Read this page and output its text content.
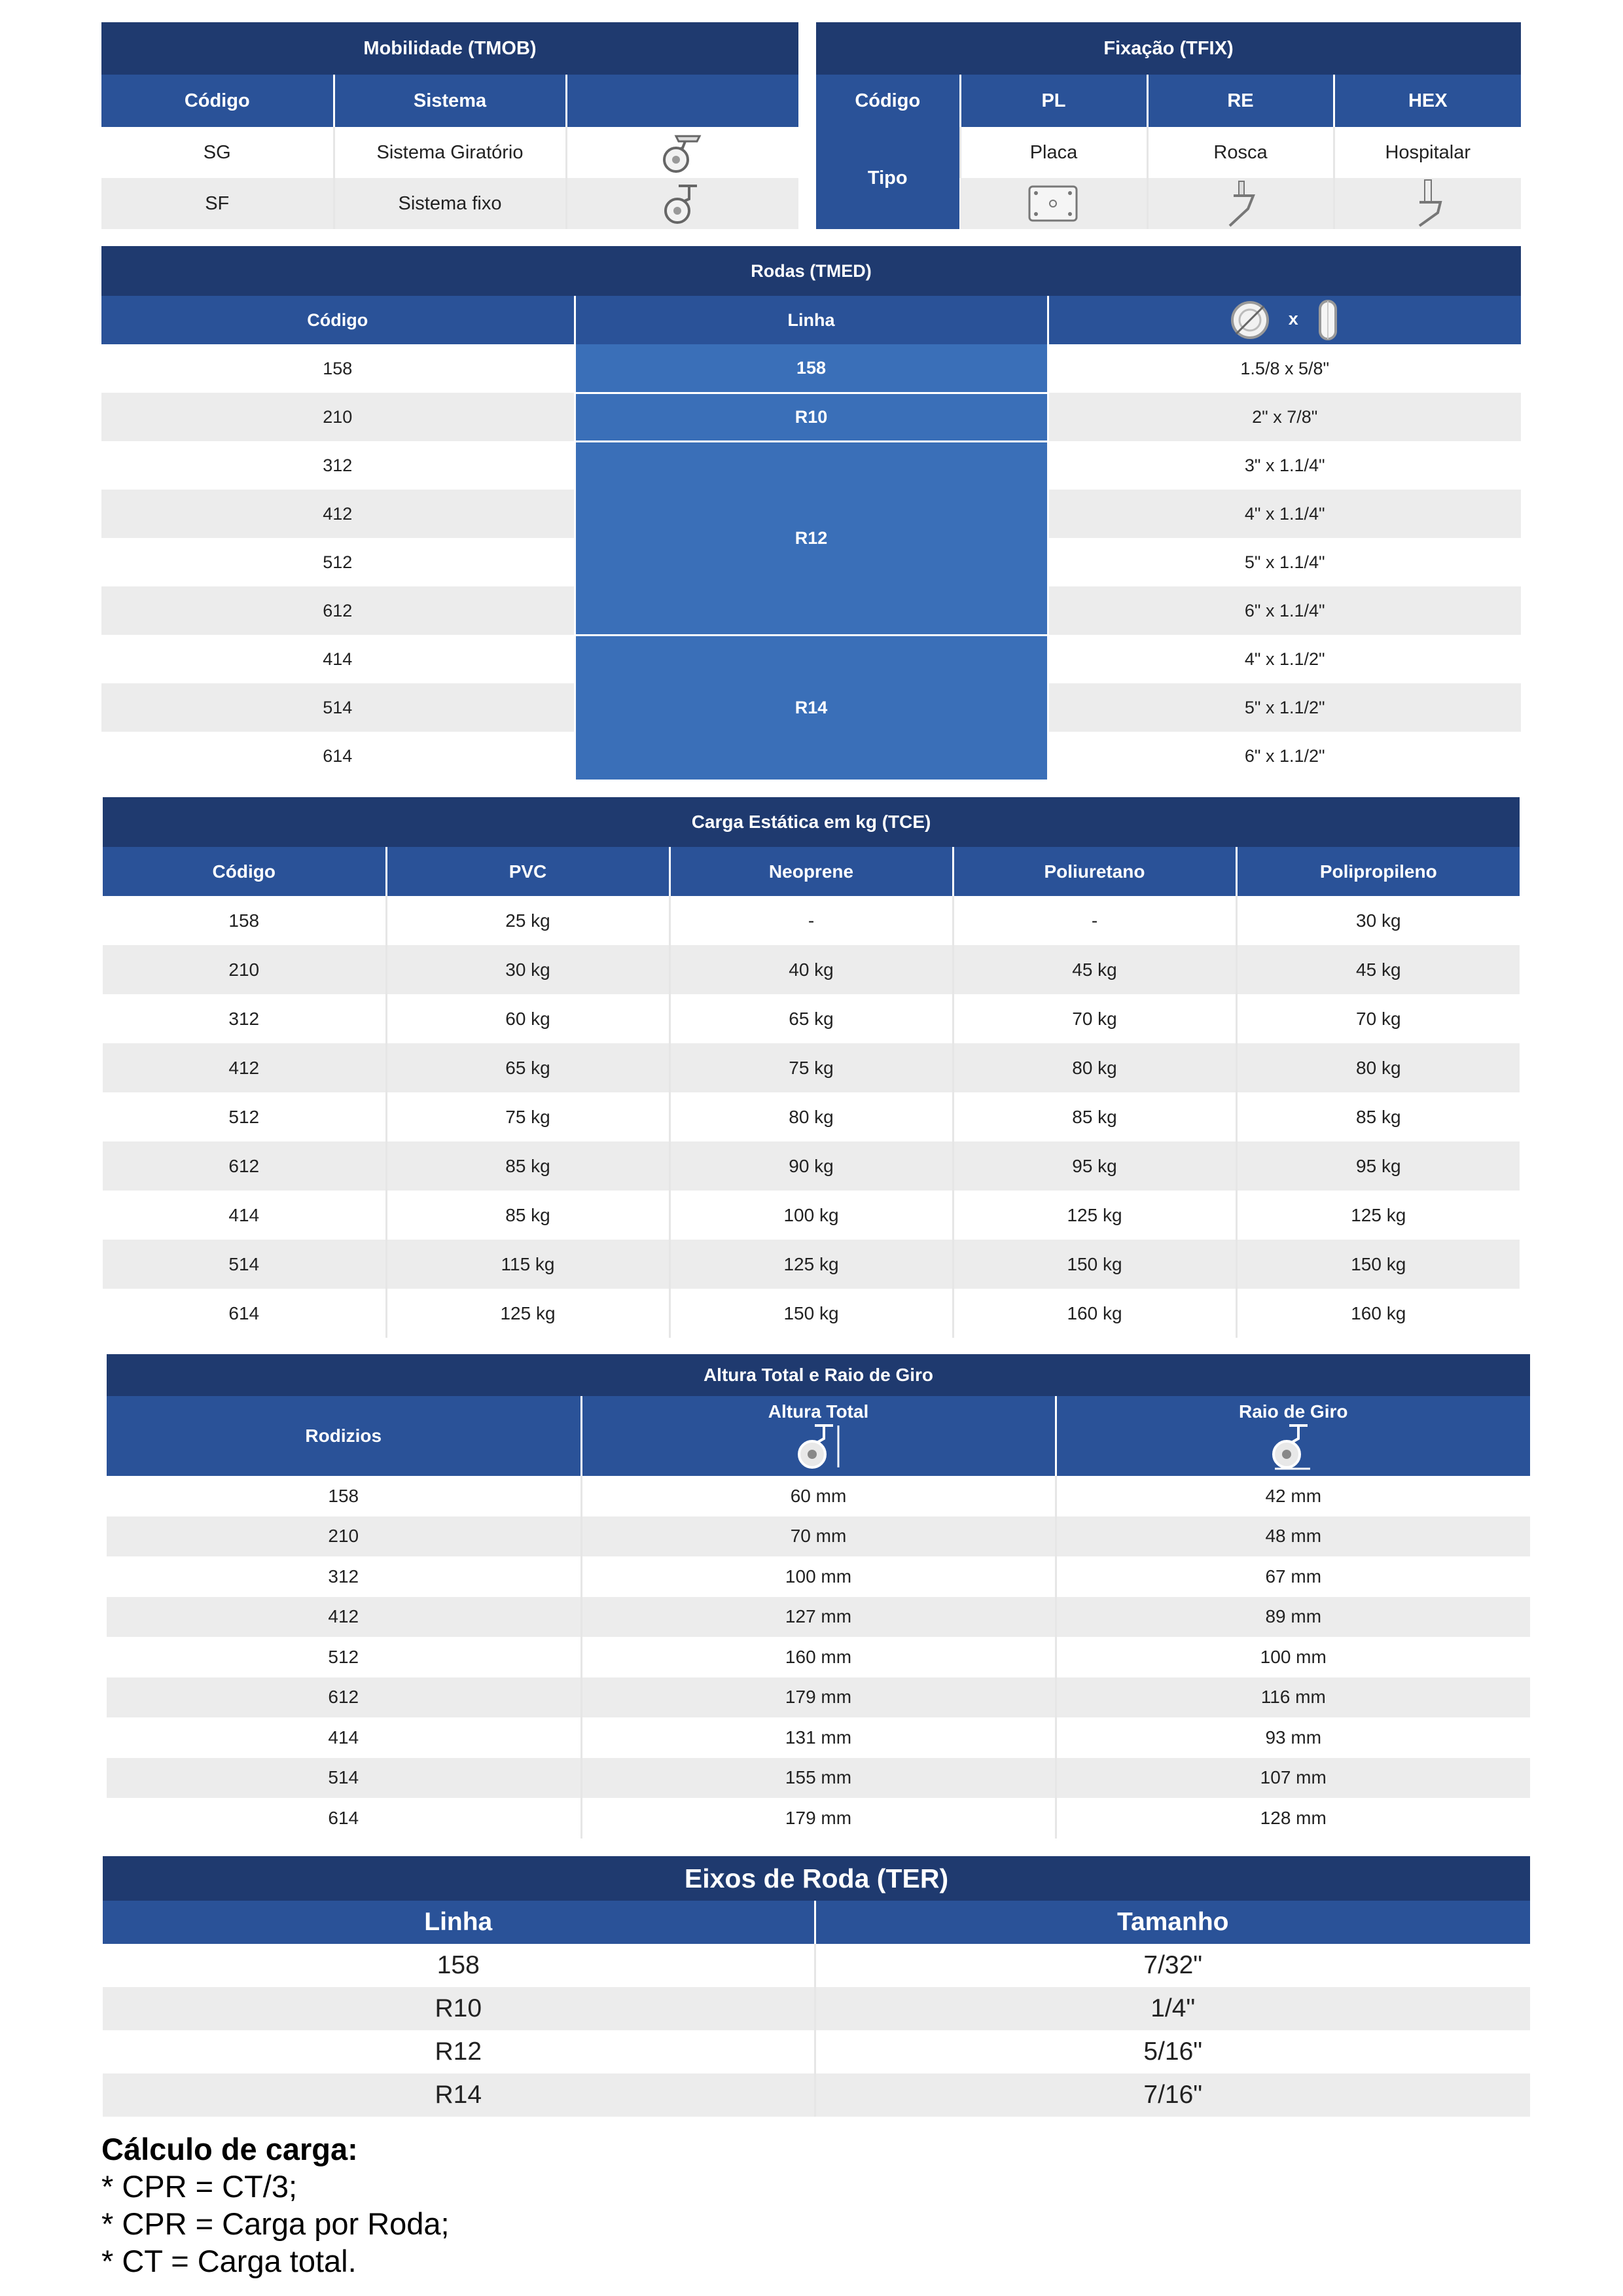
Mobilidade (TMOB)		
Código	Sistema	
SG	Sistema Giratório	
SF	Sistema fixo	
Fixação (TFIX)			
Código	PL	RE	HEX
Tipo	Placa	Rosca	Hospitalar

Rodas (TMED)		
Código	Linha	x
158	158	1.5/8 x 5/8"
210	R10	2" x 7/8"
312	R12	3" x 1.1/4"
412		4" x 1.1/4"
512		5" x 1.1/4"
612		6" x 1.1/4"
414	R14	4" x 1.1/2"
514		5" x 1.1/2"
614		6" x 1.1/2"
Carga Estática em kg (TCE)				
Código	PVC	Neoprene	Poliuretano	Polipropileno
158	25 kg	-	-	30 kg
210	30 kg	40 kg	45 kg	45 kg
312	60 kg	65 kg	70 kg	70 kg
412	65 kg	75 kg	80 kg	80 kg
512	75 kg	80 kg	85 kg	85 kg
612	85 kg	90 kg	95 kg	95 kg
414	85 kg	100 kg	125 kg	125 kg
514	115 kg	125 kg	150 kg	150 kg
614	125 kg	150 kg	160 kg	160 kg
Altura Total e Raio de Giro		
Rodizios	Altura Total	Raio de Giro

158	60 mm	42 mm
210	70 mm	48 mm
312	100 mm	67 mm
412	127 mm	89 mm
512	160 mm	100 mm
612	179 mm	116 mm
414	131 mm	93 mm
514	155 mm	107 mm
614	179 mm	128 mm
Eixos de Roda (TER)	
Linha	Tamanho
158	7/32"
R10	1/4"
R12	5/16"
R14	7/16"
Cálculo de carga:
* CPR = CT/3;
* CPR = Carga por Roda;
* CT = Carga total.
